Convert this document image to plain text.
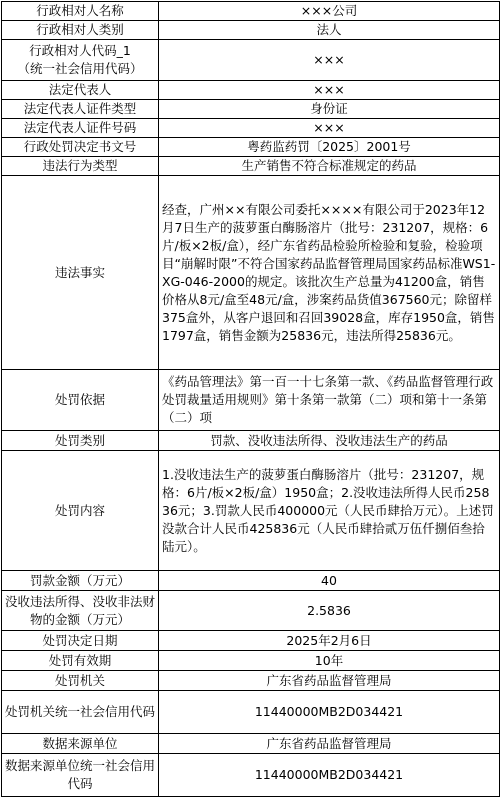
行政相对人名称	×××公司
行政相对人类别	法人
行政相对人代码_1
（统一社会信用代码）	×××
法定代表人	×××
法定代表人证件类型	身份证
法定代表人证件号码	×××
行政处罚决定书文号	粤药监药罚〔2025〕2001号
违法行为类型	生产销售不符合标准规定的药品
违法事实	经查，广州××有限公司委托××××有限公司于2023年12月7日生产的菠萝蛋白酶肠溶片（批号：231207，规格：6片/板×2板/盒），经广东省药品检验所检验和复验，检验项目“崩解时限”不符合国家药品监督管理局国家药品标准WS1-XG-046-2000的规定。该批次生产总量为41200盒，销售价格从8元/盒至48元/盒，涉案药品货值367560元；除留样375盒外，从客户退回和召回39028盒，库存1950盒，销售1797盒，销售金额为25836元，违法所得25836元。
处罚依据	《药品管理法》第一百一十七条第一款、《药品监督管理行政处罚裁量适用规则》第十条第一款第（二）项和第十一条第（二）项
处罚类别	罚款、没收违法所得、没收违法生产的药品
处罚内容	1.没收违法生产的菠萝蛋白酶肠溶片（批号：231207，规格：6片/板×2板/盒）1950盒；2.没收违法所得人民币25836元；3.罚款人民币400000元（人民币肆拾万元）。上述罚没款合计人民币425836元（人民币肆拾贰万伍仟捌佰叁拾陆元）。
罚款金额（万元）	40
没收违法所得、没收非法财物的金额（万元）	2.5836
处罚决定日期	2025年2月6日
处罚有效期	10年
处罚机关	广东省药品监督管理局
处罚机关统一社会信用代码	11440000MB2D034421
数据来源单位	广东省药品监督管理局
数据来源单位统一社会信用代码	11440000MB2D034421
